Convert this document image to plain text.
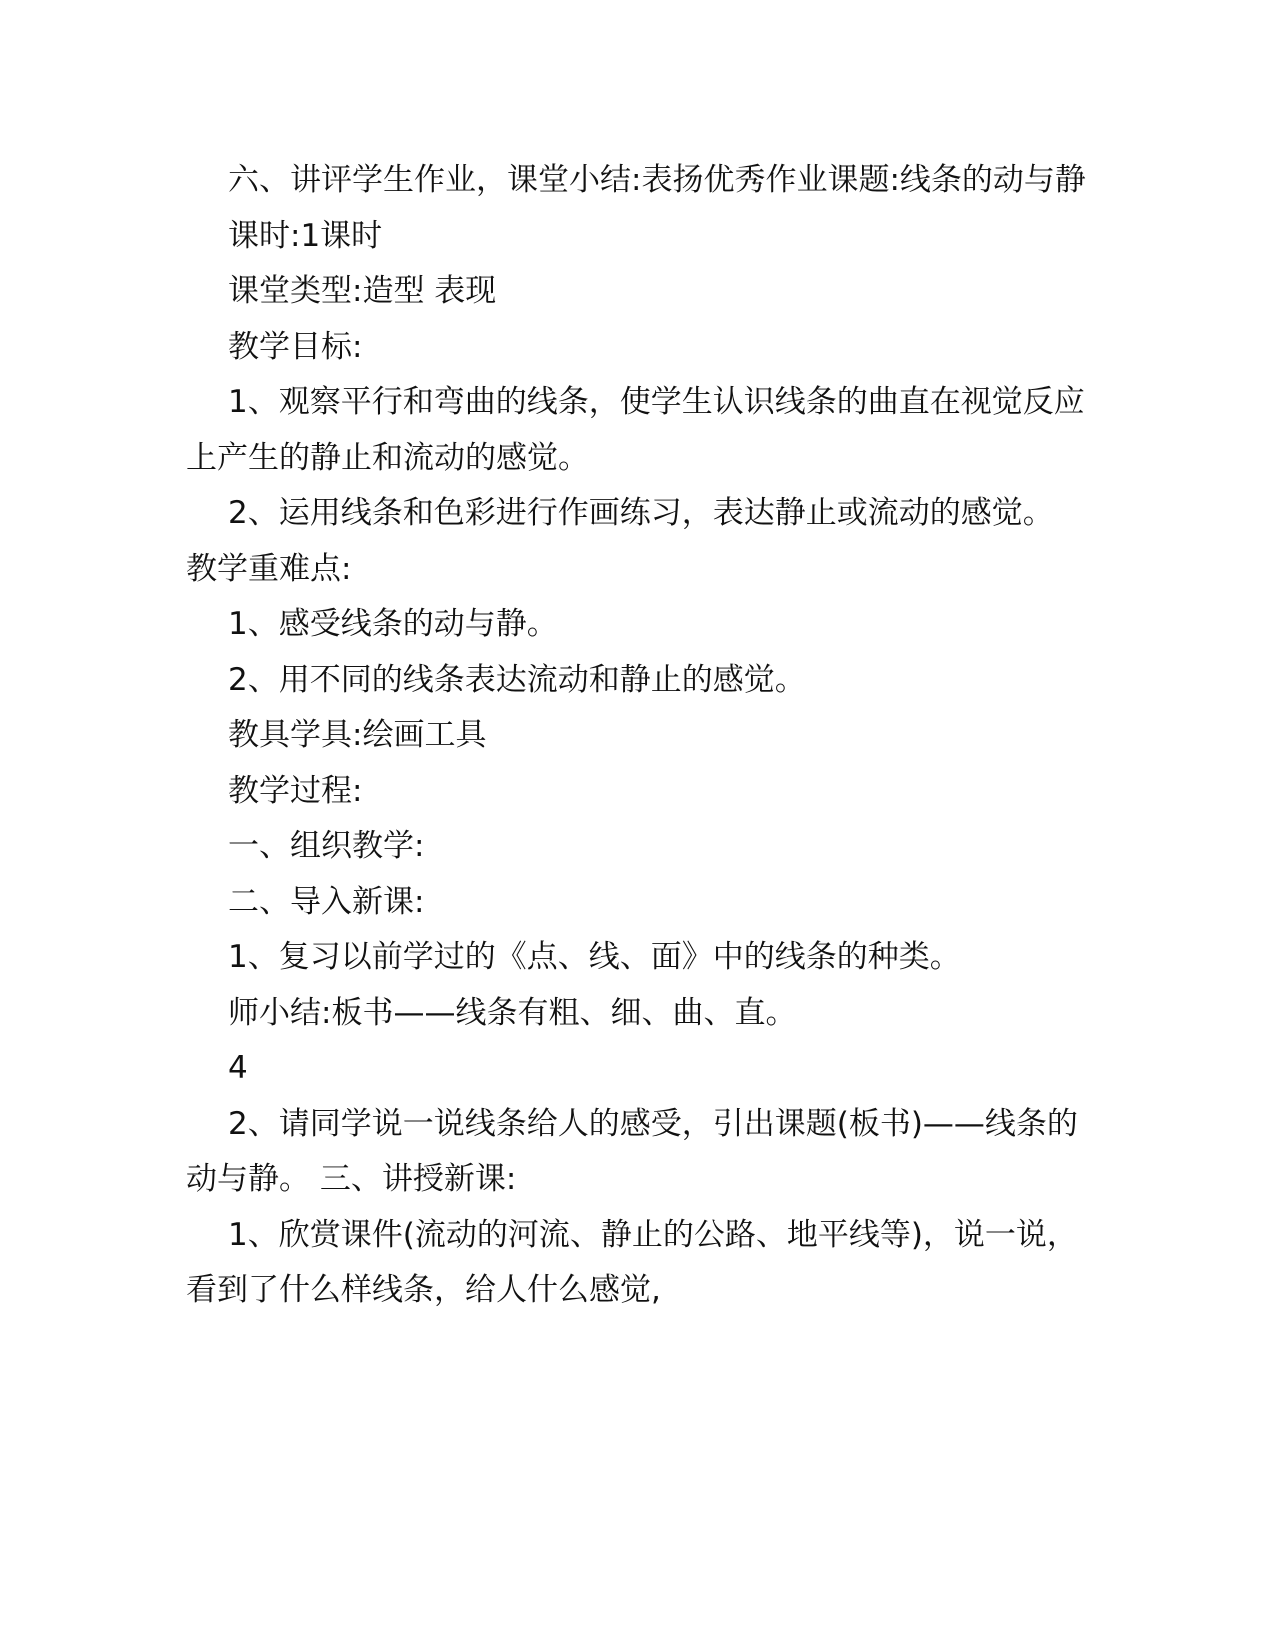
六、讲评学生作业，课堂小结:表扬优秀作业课题:线条的动与静

课时:1课时

课堂类型:造型 表现

教学目标:

1、观察平行和弯曲的线条，使学生认识线条的曲直在视觉反应上产生的静止和流动的感觉。

2、运用线条和色彩进行作画练习，表达静止或流动的感觉。 教学重难点:

1、感受线条的动与静。

2、用不同的线条表达流动和静止的感觉。

教具学具:绘画工具

教学过程:

一、组织教学:

二、导入新课:

1、复习以前学过的《点、线、面》中的线条的种类。

师小结:板书——线条有粗、细、曲、直。

4

2、请同学说一说线条给人的感受，引出课题(板书)——线条的动与静。 三、讲授新课:

1、欣赏课件(流动的河流、静止的公路、地平线等)，说一说，看到了什么样线条，给人什么感觉,
